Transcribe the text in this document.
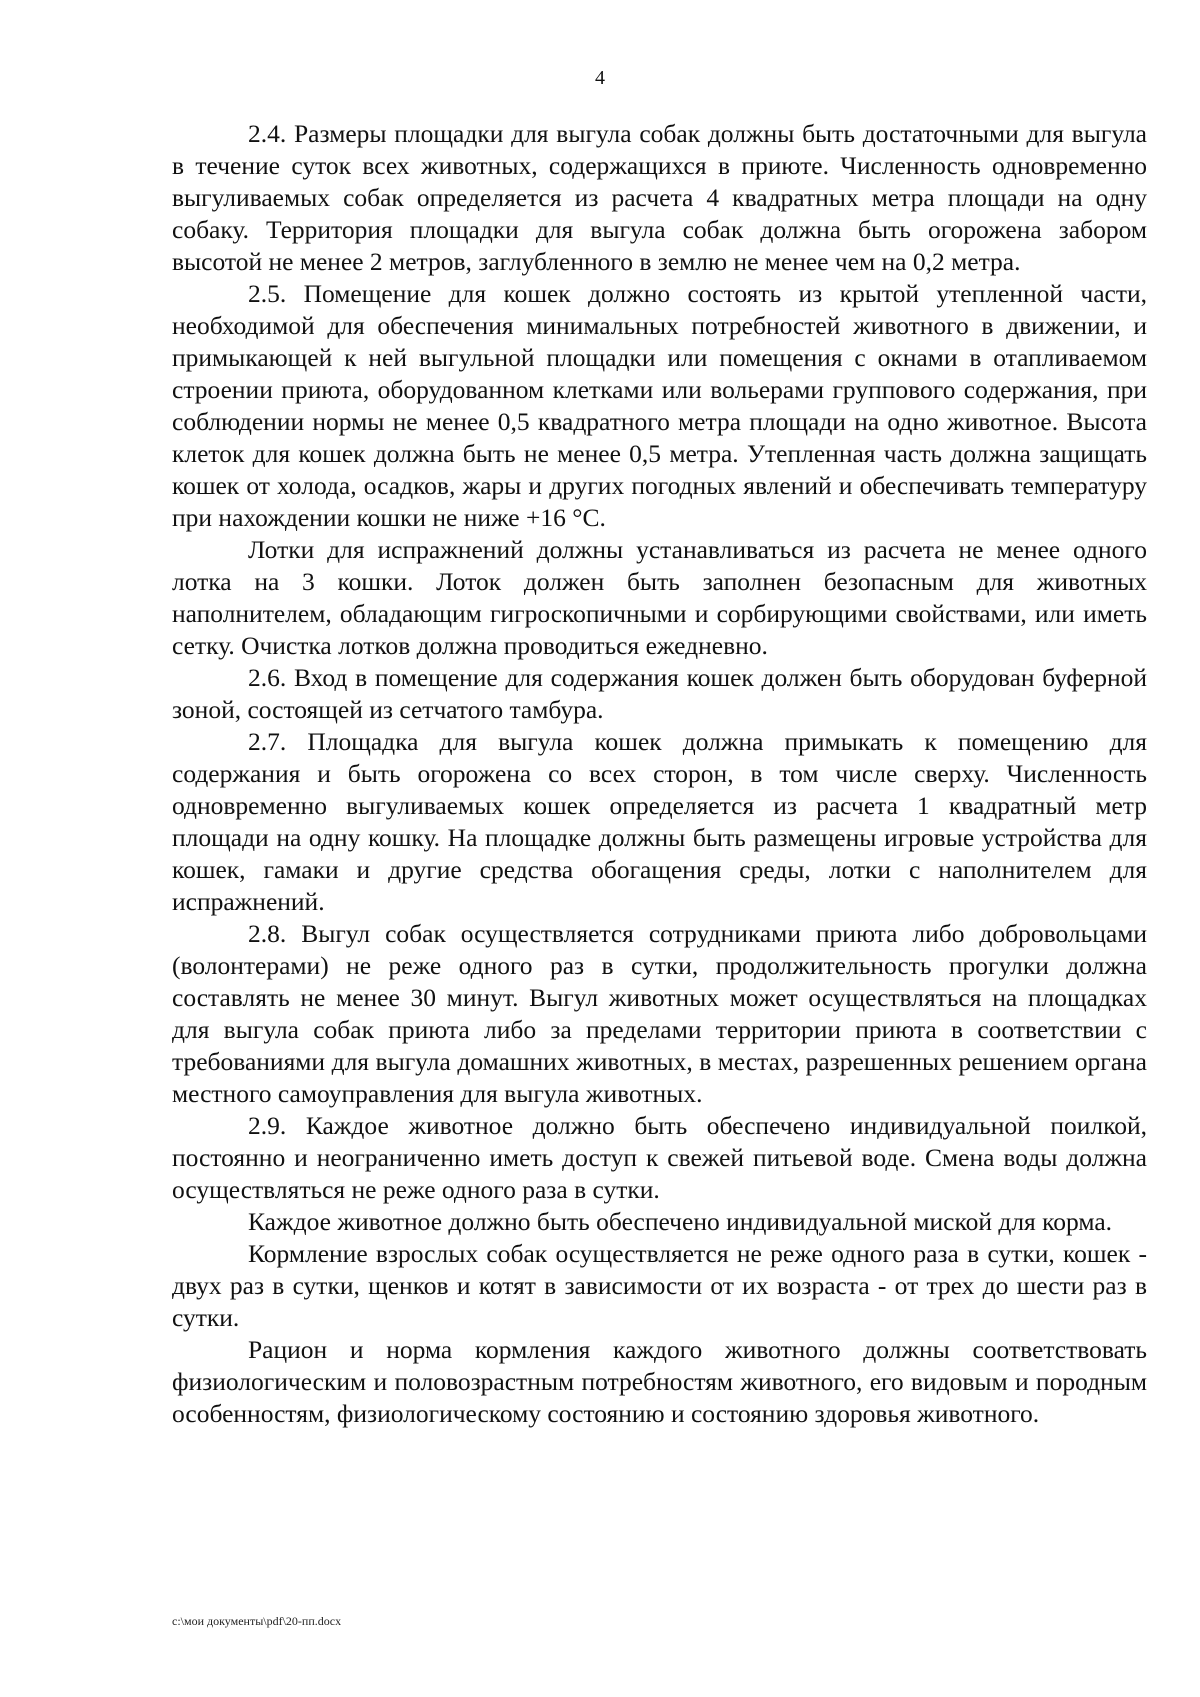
4

2.4. Размеры площадки для выгула собак должны быть достаточными для выгула в течение суток всех животных, содержащихся в приюте. Численность одновременно выгуливаемых собак определяется из расчета 4 квадратных метра площади на одну собаку. Территория площадки для выгула собак должна быть огорожена забором высотой не менее 2 метров, заглубленного в землю не менее чем на 0,2 метра.

2.5. Помещение для кошек должно состоять из крытой утепленной части, необходимой для обеспечения минимальных потребностей животного в движении, и примыкающей к ней выгульной площадки или помещения с окнами в отапливаемом строении приюта, оборудованном клетками или вольерами группового содержания, при соблюдении нормы не менее 0,5 квадратного метра площади на одно животное. Высота клеток для кошек должна быть не менее 0,5 метра. Утепленная часть должна защищать кошек от холода, осадков, жары и других погодных явлений и обеспечивать температуру при нахождении кошки не ниже +16 °С.

Лотки для испражнений должны устанавливаться из расчета не менее одного лотка на 3 кошки. Лоток должен быть заполнен безопасным для животных наполнителем, обладающим гигроскопичными и сорбирующими свойствами, или иметь сетку. Очистка лотков должна проводиться ежедневно.

2.6. Вход в помещение для содержания кошек должен быть оборудован буферной зоной, состоящей из сетчатого тамбура.

2.7. Площадка для выгула кошек должна примыкать к помещению для содержания и быть огорожена со всех сторон, в том числе сверху. Численность одновременно выгуливаемых кошек определяется из расчета 1 квадратный метр площади на одну кошку. На площадке должны быть размещены игровые устройства для кошек, гамаки и другие средства обогащения среды, лотки с наполнителем для испражнений.

2.8. Выгул собак осуществляется сотрудниками приюта либо добровольцами (волонтерами) не реже одного раз в сутки, продолжительность прогулки должна составлять не менее 30 минут. Выгул животных может осуществляться на площадках для выгула собак приюта либо за пределами территории приюта в соответствии с требованиями для выгула домашних животных, в местах, разрешенных решением органа местного самоуправления для выгула животных.

2.9. Каждое животное должно быть обеспечено индивидуальной поилкой, постоянно и неограниченно иметь доступ к свежей питьевой воде. Смена воды должна осуществляться не реже одного раза в сутки.

Каждое животное должно быть обеспечено индивидуальной миской для корма.

Кормление взрослых собак осуществляется не реже одного раза в сутки, кошек - двух раз в сутки, щенков и котят в зависимости от их возраста - от трех до шести раз в сутки.

Рацион и норма кормления каждого животного должны соответствовать физиологическим и половозрастным потребностям животного, его видовым и породным особенностям, физиологическому состоянию и состоянию здоровья животного.

c:\мои документы\pdf\20-пп.docx
